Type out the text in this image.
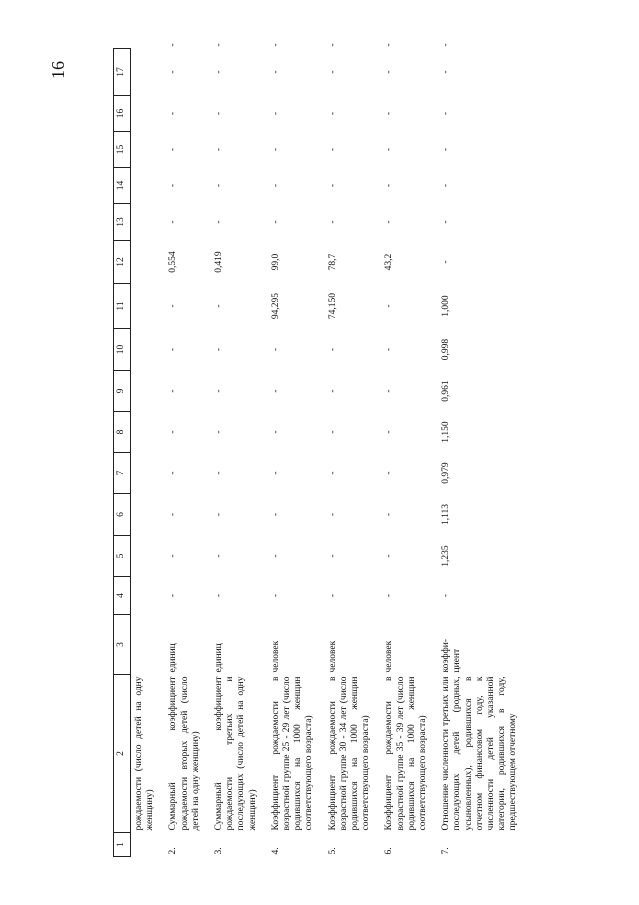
16
1	2	3	4	5	6	7	8	9	10	11	12	13	14	15	16	17	
	рождаемости (число детей на одну женщину)																
2.	Суммарный коэффициент рождаемости вторых детей (число детей на одну женщину)	единиц	-	-	-	-	-	-	-	-	0,554	-	-	-	-	-	-
3.	Суммарный коэффициент рождаемости третьих и последующих (число детей на одну женщину)	единиц	-	-	-	-	-	-	-	-	0,419	-	-	-	-	-	-
4.	Коэффициент рождаемости в возрастной группе 25 - 29 лет (число родившихся на 1000 женщин соответствующего возраста)	человек	-	-	-	-	-	-	-	94,295	99,0	-	-	-	-	-	-
5.	Коэффициент рождаемости в возрастной группе 30 - 34 лет (число родившихся на 1000 женщин соответствующего возраста)	человек	-	-	-	-	-	-	-	74,150	78,7	-	-	-	-	-	-
6.	Коэффициент рождаемости в возрастной группе 35 - 39 лет (число родившихся на 1000 женщин соответствующего возраста)	человек	-	-	-	-	-	-	-	-	43,2	-	-	-	-	-	-
7.	Отношение численности третьих или последующих детей (родных, усыновленных), родившихся в отчетном финансовом году, к численности детей указанной категории, родившихся в году, предшествующем отчетному	коэффи-циент	-	1,235	1,113	0,979	1,150	0,961	0,998	1,000	-	-	-	-	-	-	-
